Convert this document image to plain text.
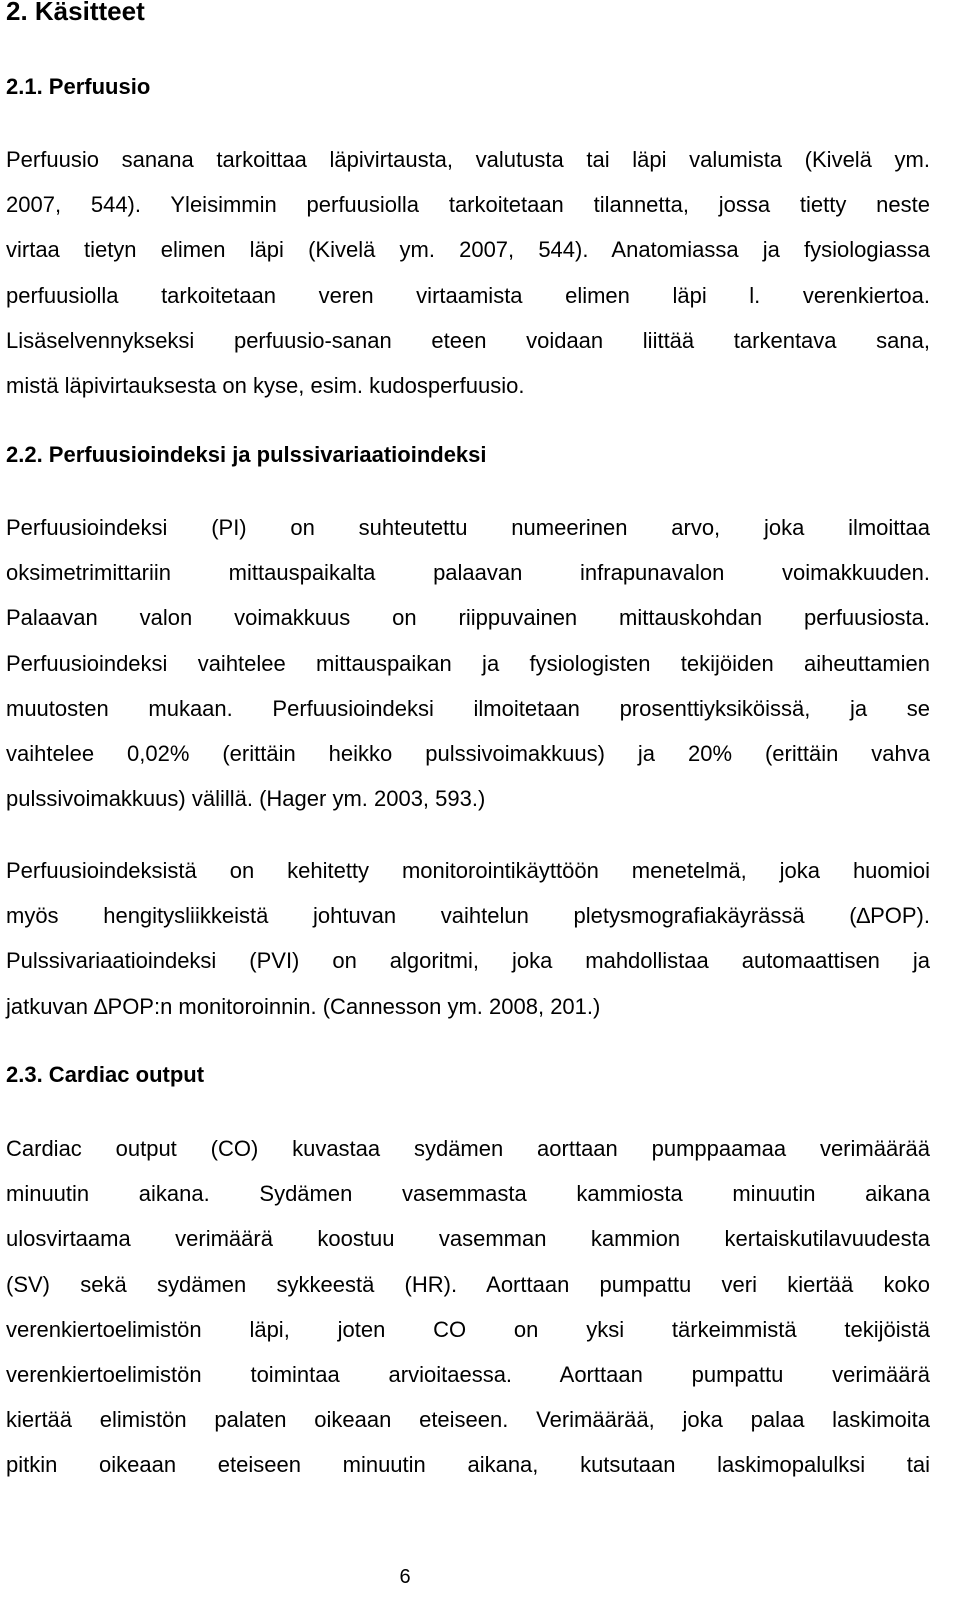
2. Käsitteet
2.1. Perfuusio
Perfuusio sanana tarkoittaa läpivirtausta, valutusta tai läpi valumista (Kivelä ym.
2007, 544). Yleisimmin perfuusiolla tarkoitetaan tilannetta, jossa tietty neste
virtaa tietyn elimen läpi (Kivelä ym. 2007, 544). Anatomiassa ja fysiologiassa
perfuusiolla tarkoitetaan veren virtaamista elimen läpi l. verenkiertoa.
Lisäselvennykseksi perfuusio-sanan eteen voidaan liittää tarkentava sana,
mistä läpivirtauksesta on kyse, esim. kudosperfuusio.
2.2. Perfuusioindeksi ja pulssivariaatioindeksi
Perfuusioindeksi (PI) on suhteutettu numeerinen arvo, joka ilmoittaa
oksimetrimittariin mittauspaikalta palaavan infrapunavalon voimakkuuden.
Palaavan valon voimakkuus on riippuvainen mittauskohdan perfuusiosta.
Perfuusioindeksi vaihtelee mittauspaikan ja fysiologisten tekijöiden aiheuttamien
muutosten mukaan. Perfuusioindeksi ilmoitetaan prosenttiyksiköissä, ja se
vaihtelee 0,02% (erittäin heikko pulssivoimakkuus) ja 20% (erittäin vahva
pulssivoimakkuus) välillä. (Hager ym. 2003, 593.)
Perfuusioindeksistä on kehitetty monitorointikäyttöön menetelmä, joka huomioi
myös hengitysliikkeistä johtuvan vaihtelun pletysmografiakäyrässä (∆POP).
Pulssivariaatioindeksi (PVI) on algoritmi, joka mahdollistaa automaattisen ja
jatkuvan ∆POP:n monitoroinnin. (Cannesson ym. 2008, 201.)
2.3. Cardiac output
Cardiac output (CO) kuvastaa sydämen aorttaan pumppaamaa verimäärää
minuutin aikana. Sydämen vasemmasta kammiosta minuutin aikana
ulosvirtaama verimäärä koostuu vasemman kammion kertaiskutilavuudesta
(SV) sekä sydämen sykkeestä (HR). Aorttaan pumpattu veri kiertää koko
verenkiertoelimistön läpi, joten CO on yksi tärkeimmistä tekijöistä
verenkiertoelimistön toimintaa arvioitaessa. Aorttaan pumpattu verimäärä
kiertää elimistön palaten oikeaan eteiseen. Verimäärää, joka palaa laskimoita
pitkin oikeaan eteiseen minuutin aikana, kutsutaan laskimopalulksi tai
6
